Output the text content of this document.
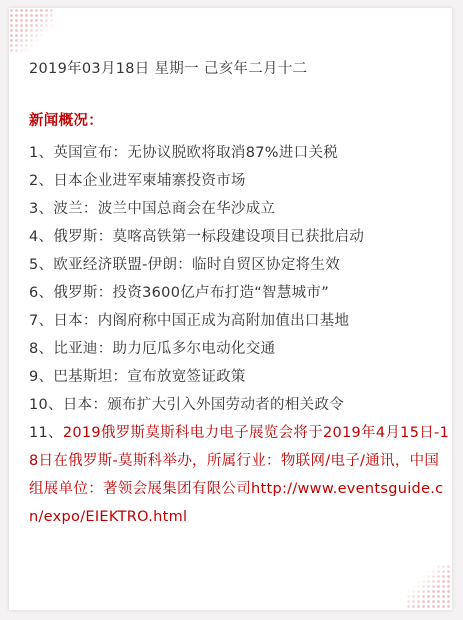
2019年03月18日 星期一 己亥年二月十二
新闻概况：
1、英国宣布：无协议脱欧将取消87%进口关税
2、日本企业进军柬埔寨投资市场
3、波兰：波兰中国总商会在华沙成立
4、俄罗斯：莫喀高铁第一标段建设项目已获批启动
5、欧亚经济联盟-伊朗：临时自贸区协定将生效
6、俄罗斯：投资3600亿卢布打造“智慧城市”
7、日本：内阁府称中国正成为高附加值出口基地
8、比亚迪：助力厄瓜多尔电动化交通
9、巴基斯坦：宣布放宽签证政策
10、日本：颁布扩大引入外国劳动者的相关政令
11、2019俄罗斯莫斯科电力电子展览会将于2019年4月15日-18日在俄罗斯-莫斯科举办，所属行业：物联网/电子/通讯，中国组展单位：著领会展集团有限公司http://www.eventsguide.cn/expo/EIEKTRO.html
